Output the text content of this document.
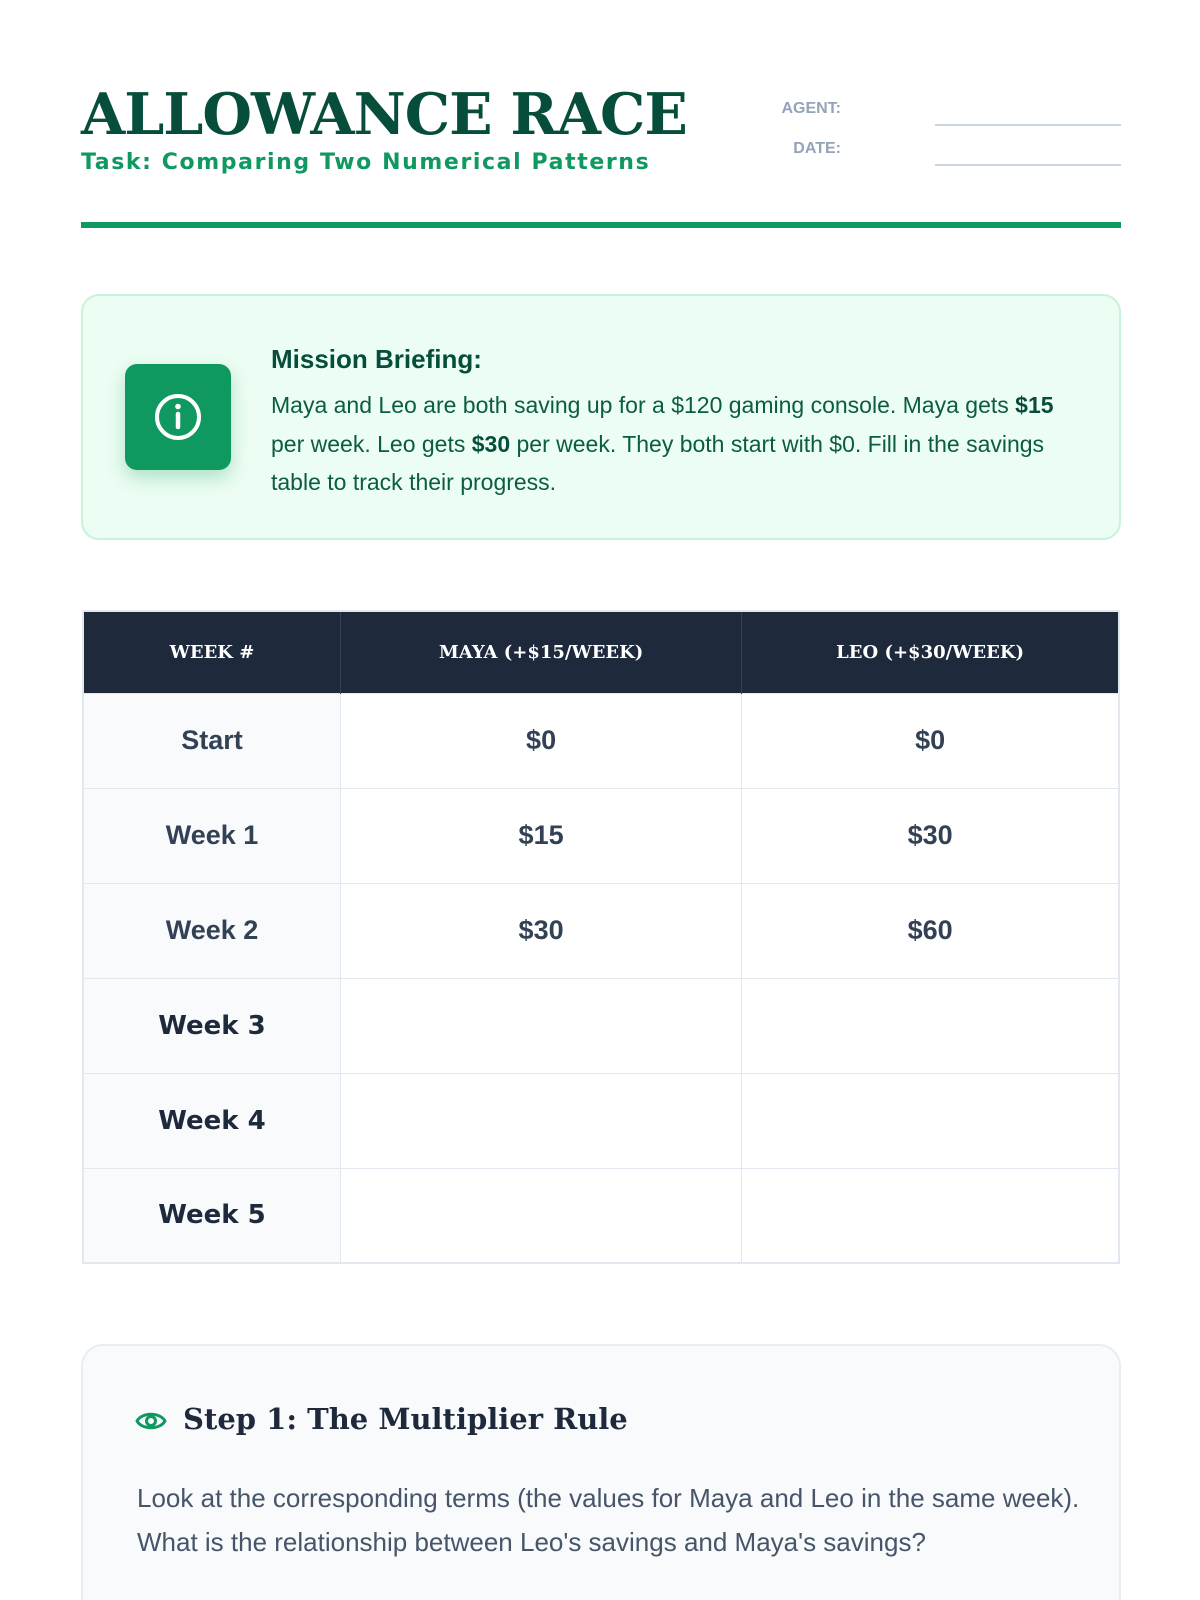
ALLOWANCE RACE
Task: Comparing Two Numerical Patterns
AGENT:
DATE:
Mission Briefing:

Maya and Leo are both saving up for a $120 gaming console. Maya gets $15 per week. Leo gets $30 per week. They both start with $0. Fill in the savings table to track their progress.

WEEK #	MAYA (+$15/WEEK)	LEO (+$30/WEEK)
Start	$0	$0
Week 1	$15	$30
Week 2	$30	$60
Week 3		
Week 4		
Week 5		
Step 1: The Multiplier Rule

Look at the corresponding terms (the values for Maya and Leo in the same week). What is the relationship between Leo's savings and Maya's savings?
